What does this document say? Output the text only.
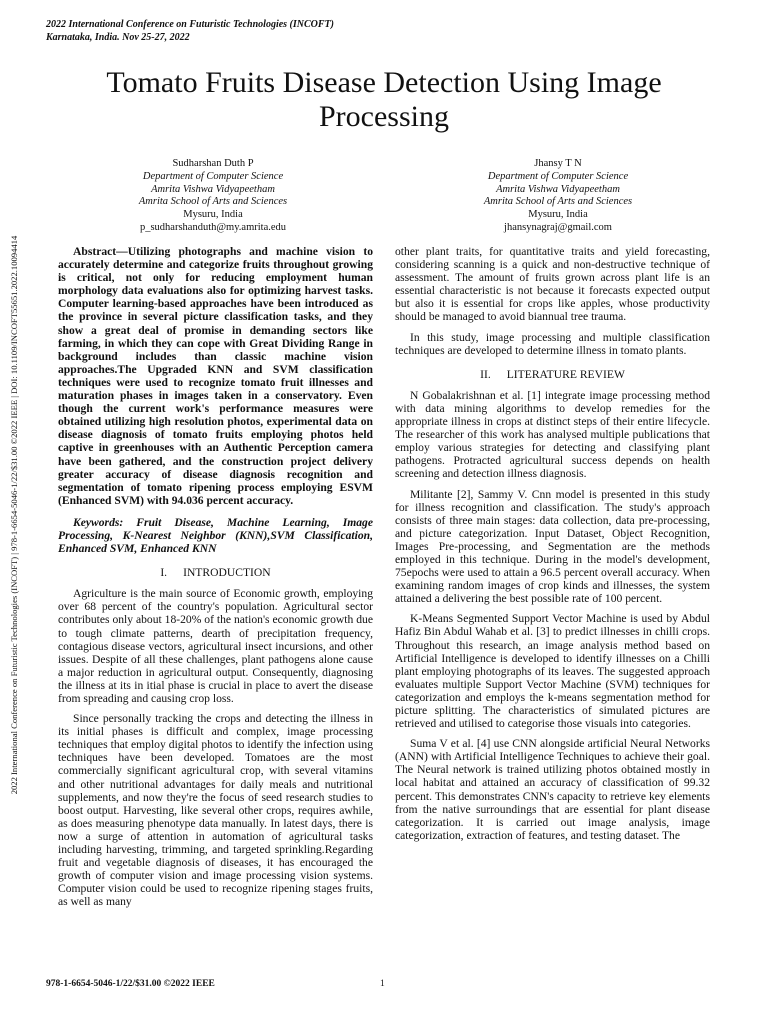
2022 International Conference on Futuristic Technologies (INCOFT)
Karnataka, India. Nov 25-27, 2022
Tomato Fruits Disease Detection Using Image Processing
Sudharshan Duth P
Department of Computer Science
Amrita Vishwa Vidyapeetham
Amrita School of Arts and Sciences
Mysuru, India
p_sudharshanduth@my.amrita.edu
Jhansy T N
Department of Computer Science
Amrita Vishwa Vidyapeetham
Amrita School of Arts and Sciences
Mysuru, India
jhansynagraj@gmail.com
2022 International Conference on Futuristic Technologies (INCOFT) | 978-1-6654-5046-1/22/$31.00 ©2022 IEEE | DOI: 10.1109/INCOFT55651.2022.10094414	Abstract—Utilizing photographs and machine vision to accurately determine and categorize fruits throughout growing is critical, not only for reducing employment human morphology data evaluations also for optimizing harvest tasks. Computer learning-based approaches have been introduced as the province in several picture classification tasks, and they show a great deal of promise in demanding sectors like farming, in which they can cope with Great Dividing Range in background includes than classic machine vision approaches.The Upgraded KNN and SVM classification techniques were used to recognize tomato fruit illnesses and maturation phases in images taken in a conservatory. Even though the current work's performance measures were obtained utilizing high resolution photos, experimental data on disease diagnosis of tomato fruits employing photos held captive in greenhouses with an Authentic Perception camera have been gathered, and the construction project delivery greater accuracy of disease diagnosis recognition and segmentation of tomato ripening process employing ESVM (Enhanced SVM) with 94.036 percent accuracy.

Keywords: Fruit Disease, Machine Learning, Image Processing, K-Nearest Neighbor (KNN),SVM Classification, Enhanced SVM, Enhanced KNN

I. INTRODUCTION

Agriculture is the main source of Economic growth, employing over 68 percent of the country's population. Agricultural sector contributes only about 18-20% of the nation's economic growth due to tough climate patterns, dearth of precipitation frequency, contagious disease vectors, agricultural insect incursions, and other issues. Despite of all these challenges, plant pathogens alone cause a major reduction in agricultural output. Consequently, diagnosing the illness at its in itial phase is crucial in place to avert the disease from spreading and causing crop loss.

Since personally tracking the crops and detecting the illness in its initial phases is difficult and complex, image processing techniques that employ digital photos to identify the infection using techniques have been developed. Tomatoes are the most commercially significant agricultural crop, with several vitamins and other nutritional advantages for daily meals and nutritional supplements, and now they're the focus of seed research studies to boost output. Harvesting, like several other crops, requires awhile, as does measuring phenotype data manually. In latest days, there is now a surge of attention in automation of agricultural tasks including harvesting, trimming, and targeted sprinkling.Regarding fruit and vegetable diagnosis of diseases, it has encouraged the growth of computer vision and image processing vision systems. Computer vision could be used to recognize ripening stages fruits, as well as many

other plant traits, for quantitative traits and yield forecasting, considering scanning is a quick and non-destructive technique of assessment. The amount of fruits grown across plant life is an essential characteristic is not because it forecasts expected output but also it is essential for crops like apples, whose productivity should be managed to avoid biannual tree trauma.

In this study, image processing and multiple classification techniques are developed to determine illness in tomato plants.

II. LITERATURE REVIEW

N Gobalakrishnan et al. [1] integrate image processing method with data mining algorithms to develop remedies for the appropriate illness in crops at distinct steps of their entire lifecycle. The researcher of this work has analysed multiple publications that employ various strategies for detecting and classifying plant pathogens. Protracted agricultural success depends on health screening and detection illness diagnosis.

Militante [2], Sammy V. Cnn model is presented in this study for illness recognition and classification. The study's approach consists of three main stages: data collection, data pre-processing, and picture categorization. Input Dataset, Object Recognition, Images Pre-processing, and Segmentation are the methods employed in this technique. During in the model's development, 75epochs were used to attain a 96.5 percent overall accuracy. When examining random images of crop kinds and illnesses, the system attained a delivering the best possible rate of 100 percent.

K-Means Segmented Support Vector Machine is used by Abdul Hafiz Bin Abdul Wahab et al. [3] to predict illnesses in chilli crops. Throughout this research, an image analysis method based on Artificial Intelligence is developed to identify illnesses on a Chilli plant employing photographs of its leaves. The suggested approach evaluates multiple Support Vector Machine (SVM) techniques for categorization and employs the k-means segmentation method for picture splitting. The characteristics of simulated pictures are retrieved and utilised to categorise those visuals into categories.

Suma V et al. [4] use CNN alongside artificial Neural Networks (ANN) with Artificial Intelligence Techniques to achieve their goal. The Neural network is trained utilizing photos obtained mostly in local habitat and attained an accuracy of classification of 99.32 percent. This demonstrates CNN's capacity to retrieve key elements from the native surroundings that are essential for plant disease categorization. It is carried out image analysis, image categorization, extraction of features, and testing dataset. The

978-1-6654-5046-1/22/$31.00 ©2022 IEEE	1
